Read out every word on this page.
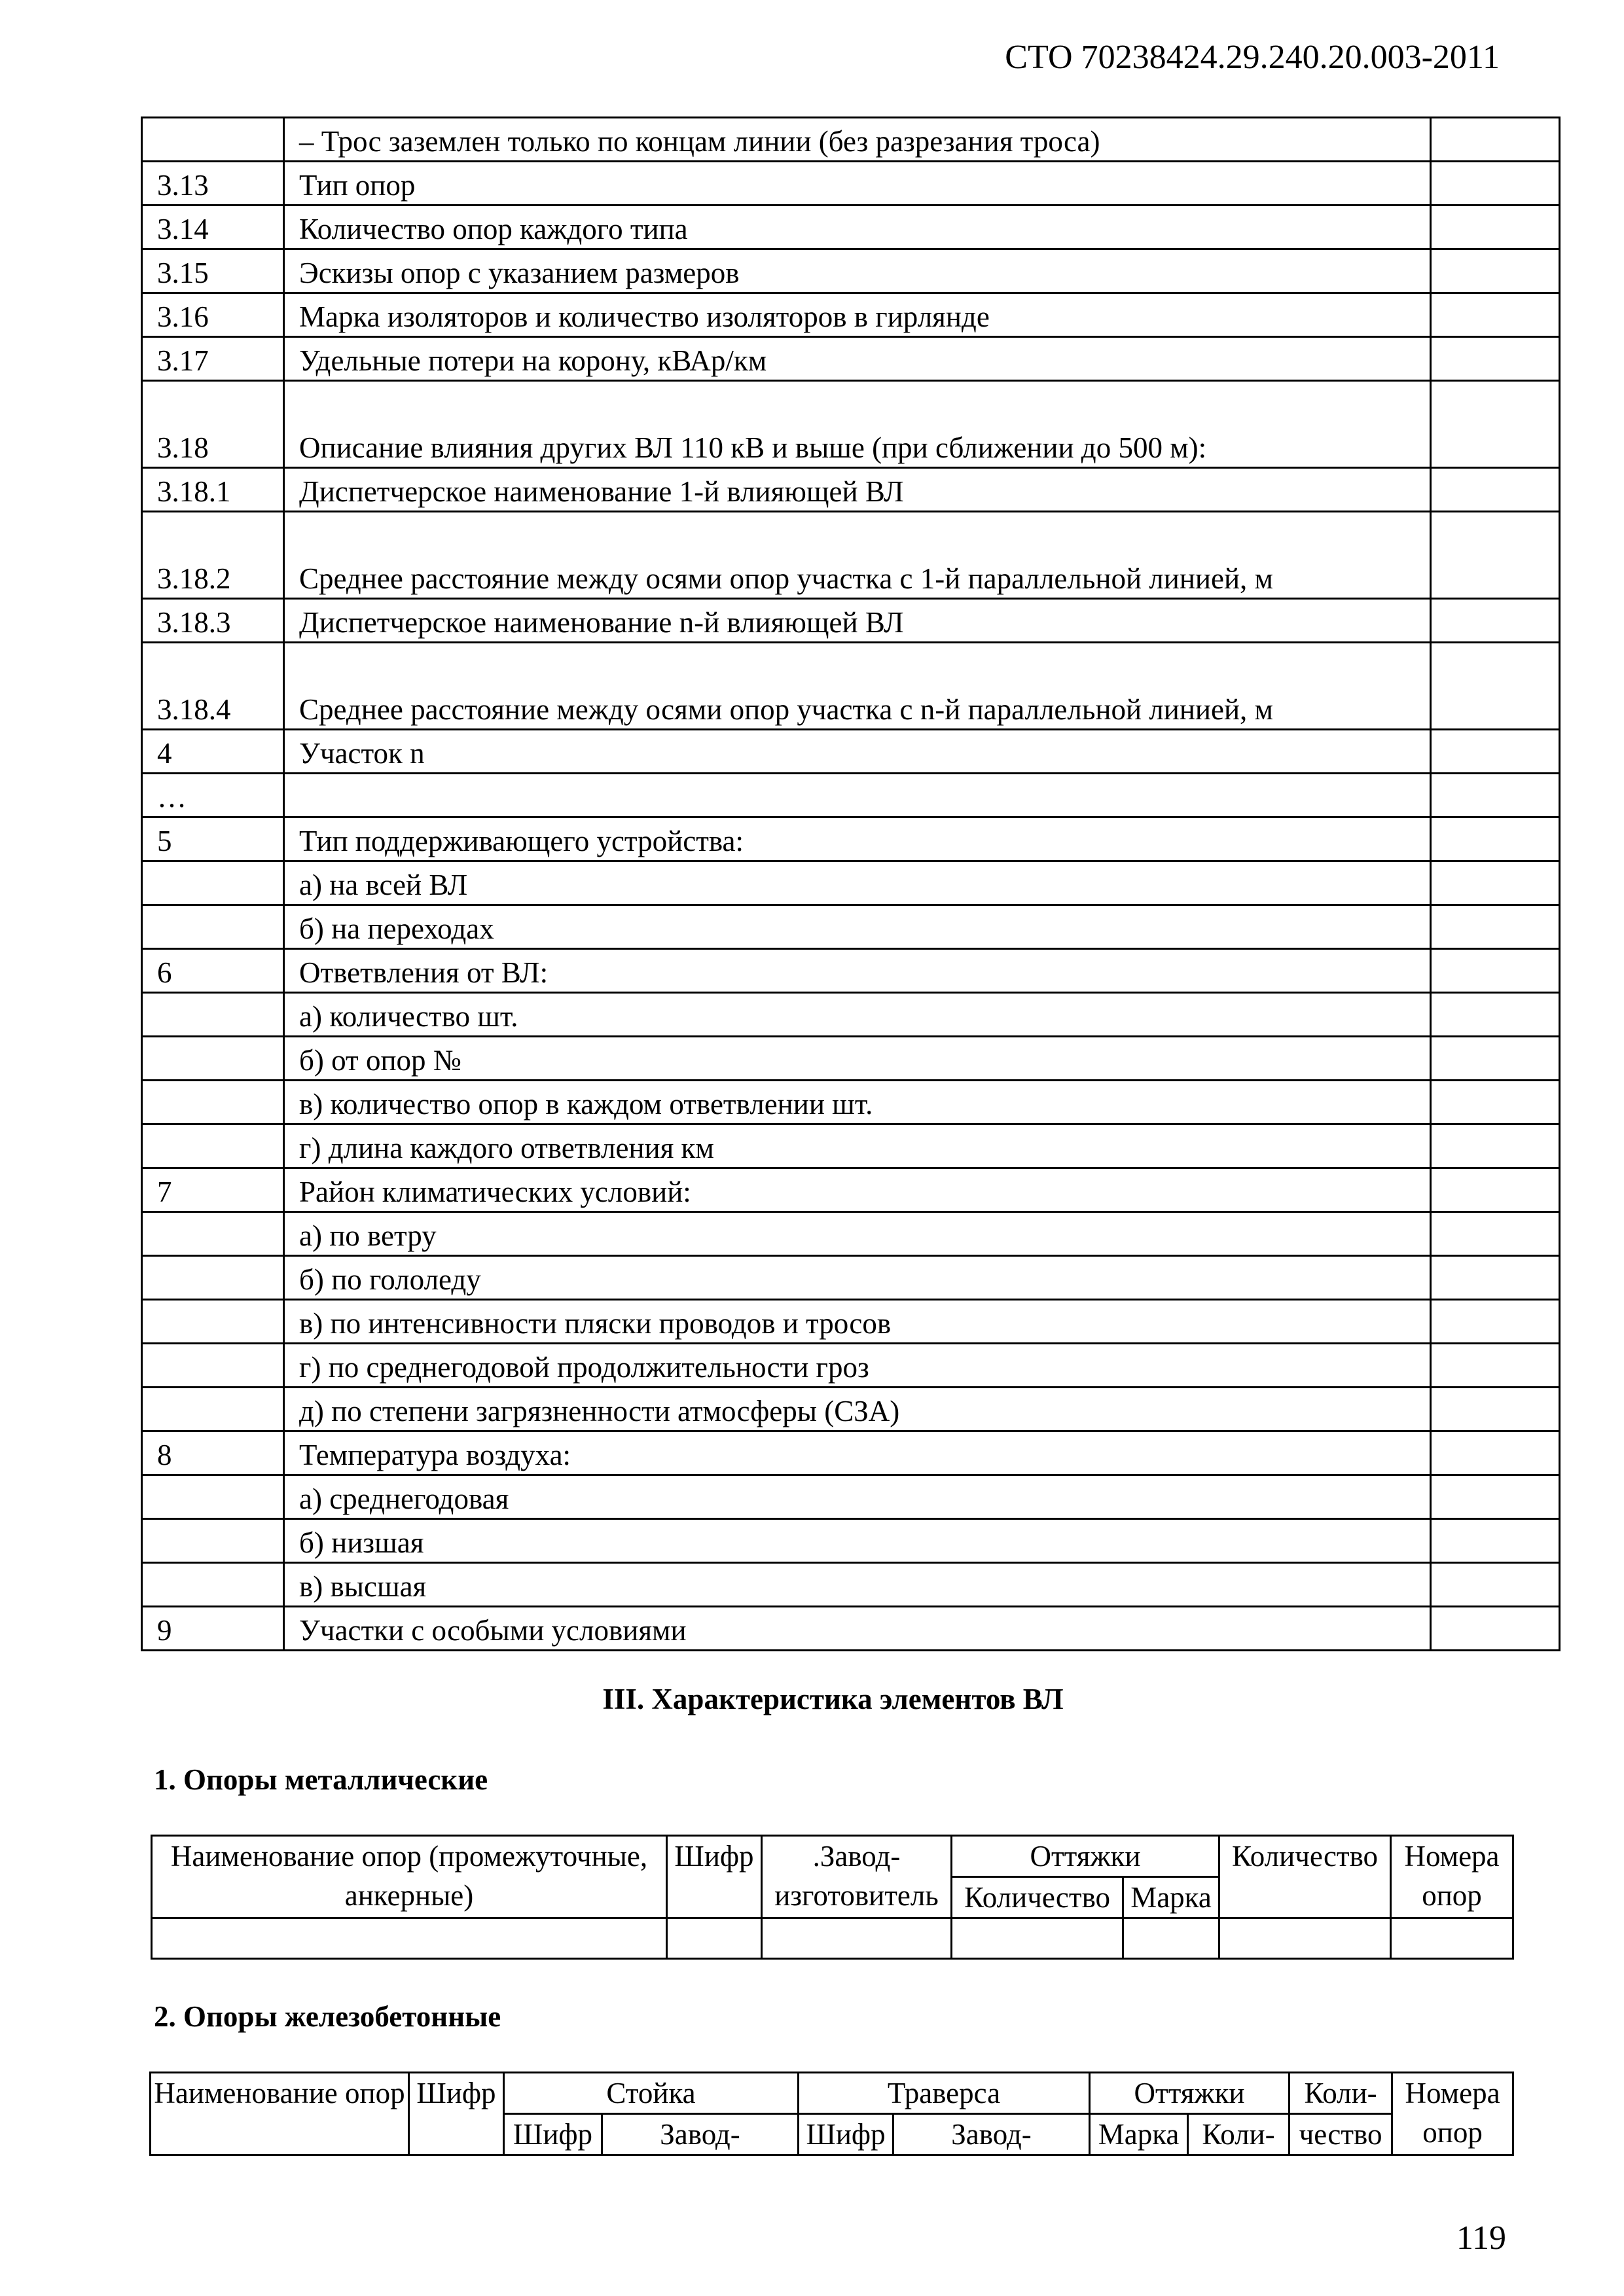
СТО 70238424.29.240.20.003-2011
	– Трос заземлен только по концам линии (без разрезания троса)	
3.13	Тип опор	
3.14	Количество опор каждого типа	
3.15	Эскизы опор с указанием размеров	
3.16	Марка изоляторов и количество изоляторов в гирлянде	
3.17	Удельные потери на корону, кВАр/км	
3.18	Описание влияния других ВЛ 110 кВ и выше (при сближении до 500 м):	
3.18.1	Диспетчерское наименование 1-й влияющей ВЛ	
3.18.2	Среднее расстояние между осями опор участка с 1-й параллельной линией, м	
3.18.3	Диспетчерское наименование n-й влияющей ВЛ	
3.18.4	Среднее расстояние между осями опор участка с n-й параллельной линией, м	
4	Участок n	
…		
5	Тип поддерживающего устройства:	
	а) на всей ВЛ	
	б) на переходах	
6	Ответвления от ВЛ:	
	а) количество шт.	
	б) от опор №	
	в) количество опор в каждом ответвлении шт.	
	г) длина каждого ответвления км	
7	Район климатических условий:	
	а) по ветру	
	б) по гололеду	
	в) по интенсивности пляски проводов и тросов	
	г) по среднегодовой продолжительности гроз	
	д) по степени загрязненности атмосферы (СЗА)	
8	Температура воздуха:	
	а) среднегодовая	
	б) низшая	
	в) высшая	
9	Участки с особыми условиями	
III. Характеристика элементов ВЛ
1. Опоры металлические
Наименование опор (промежуточные, анкерные)	Шифр	.Завод-изготовитель	Оттяжки		Количество	Номера опор
			Количество	Марка		

2. Опоры железобетонные
Наименование опор	Шифр	Стойка		Траверса		Оттяжки		Коли-	Номера опор
		Шифр	Завод-	Шифр	Завод-	Марка	Коли-	чество	
119
